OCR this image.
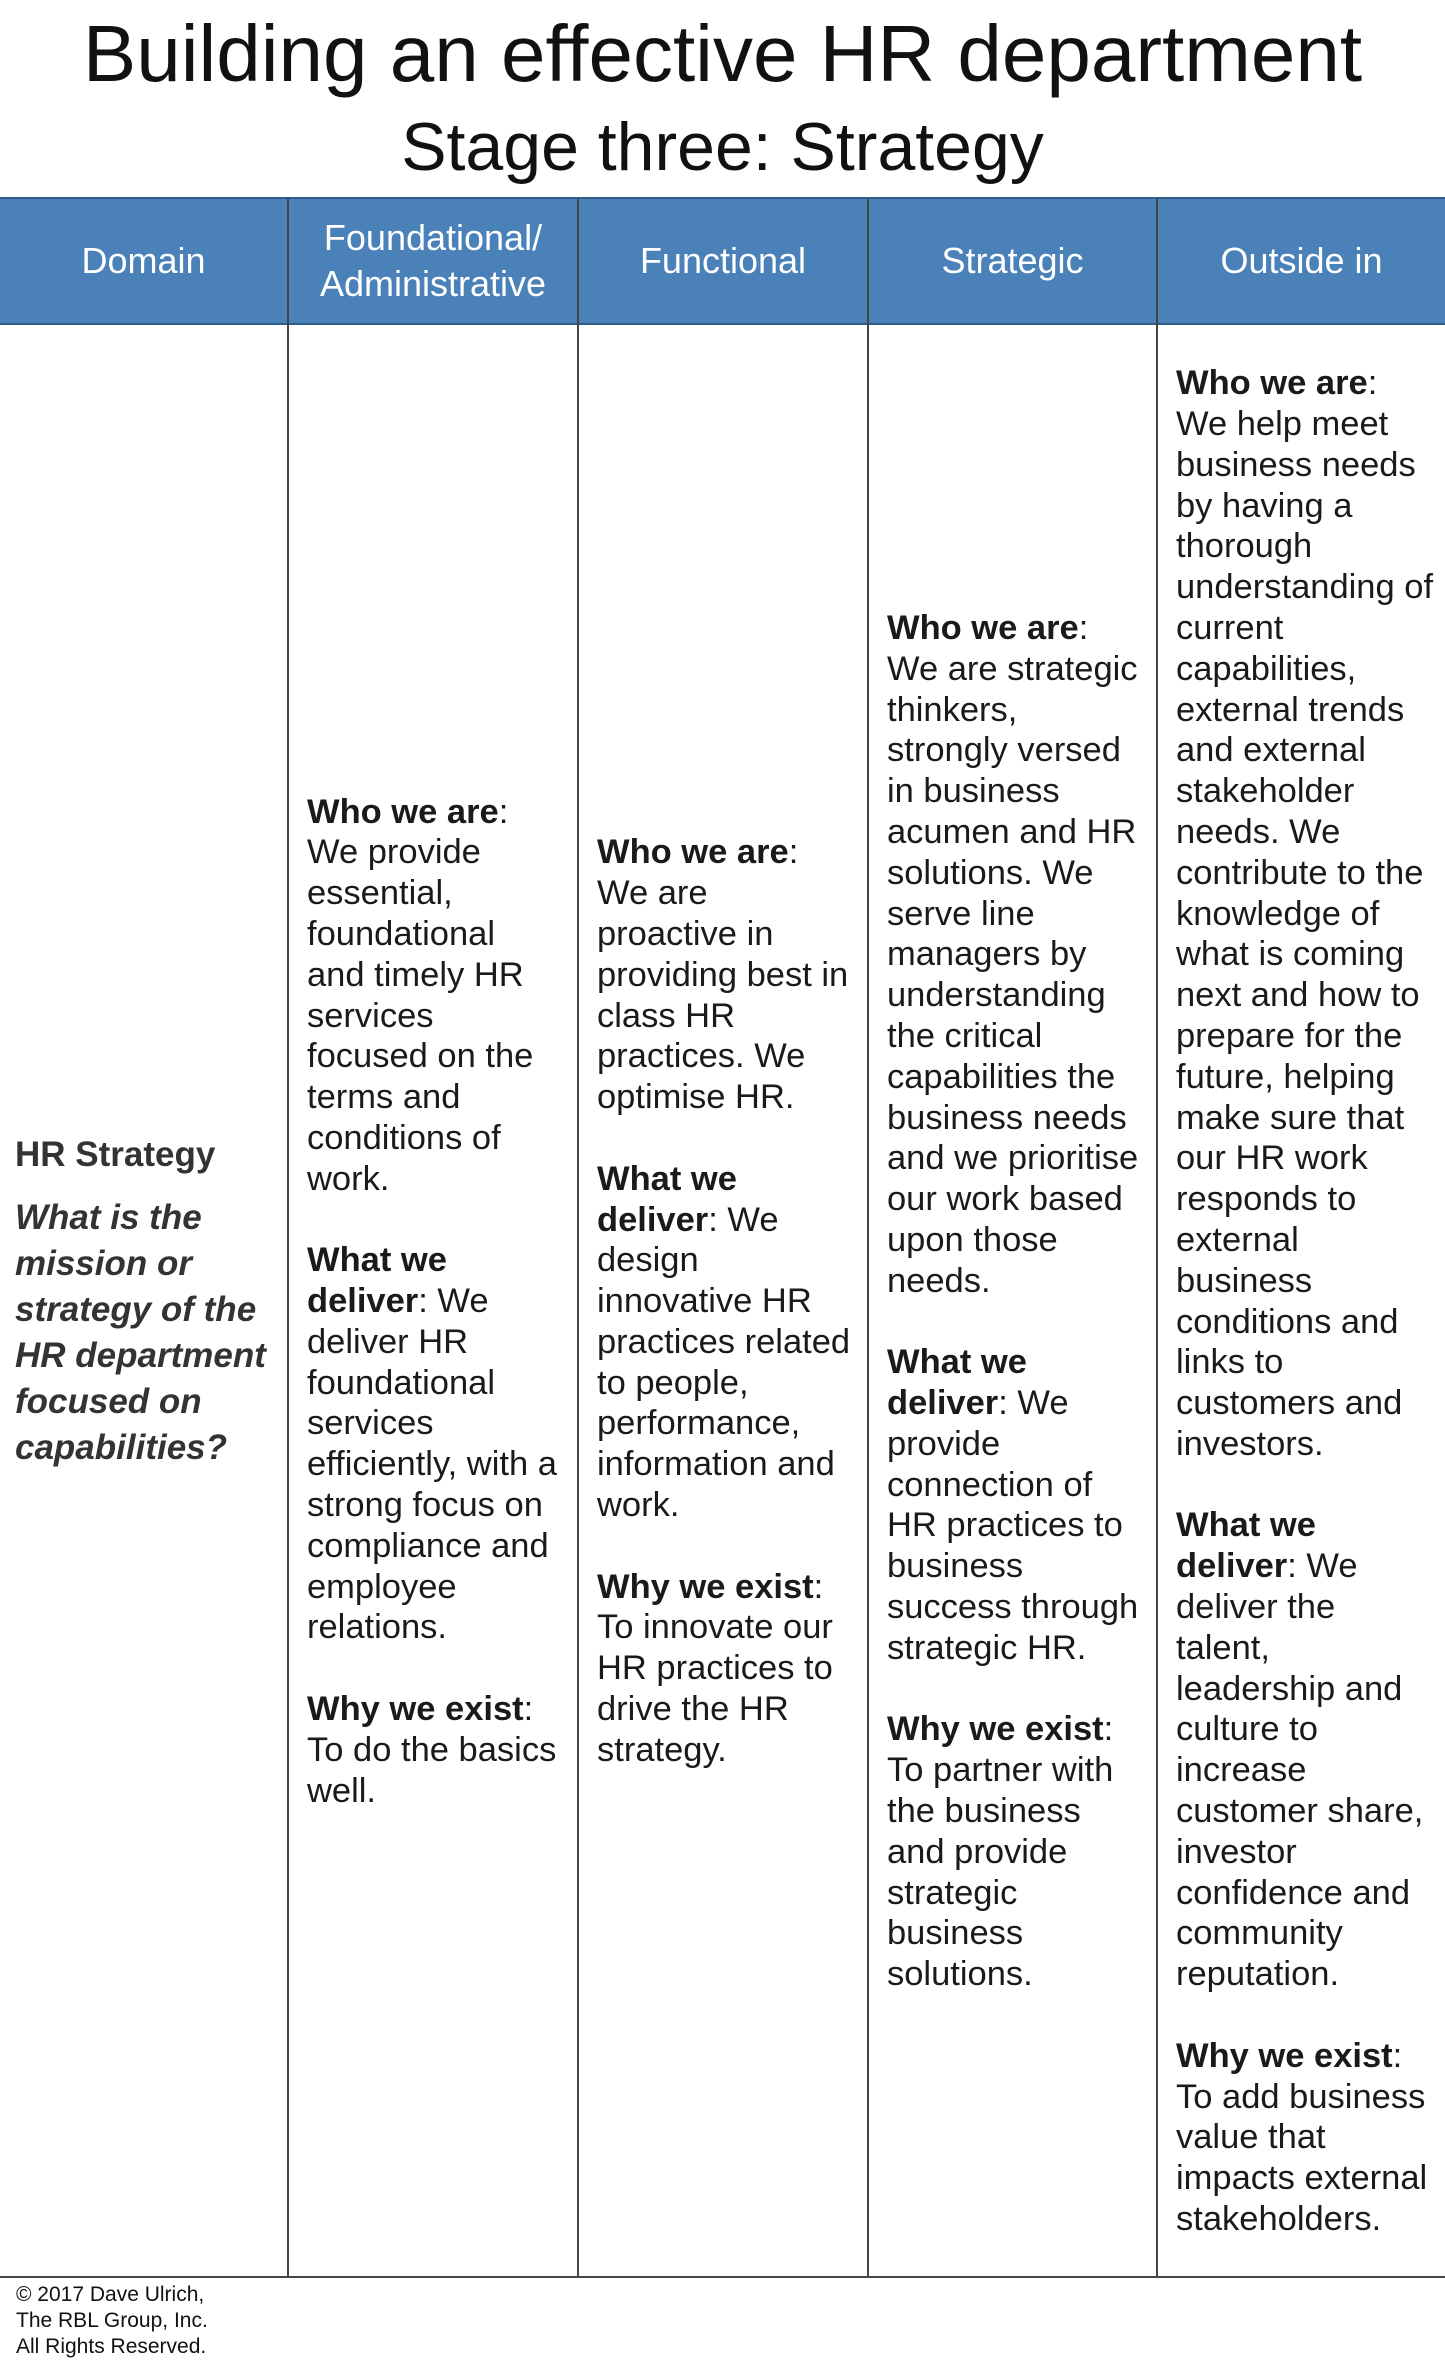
Building an effective HR department
Stage three: Strategy
Domain
Foundational/
Administrative
Functional	Strategic	Outside in

HR Strategy

What is the mission or strategy of the HR department focused on capabilities?

Who we are: We provide essential, foundational and timely HR services focused on the terms and conditions of work.

What we deliver: We deliver HR foundational services efficiently, with a strong focus on compliance and employee relations.

Why we exist: To do the basics well.

Who we are: We are proactive in providing best in class HR practices. We optimise HR.

What we deliver: We design innovative HR practices related to people, performance, information and work.

Why we exist: To innovate our HR practices to drive the HR strategy.

Who we are: We are strategic thinkers, strongly versed in business acumen and HR solutions. We serve line managers by understanding the critical capabilities the business needs and we prioritise our work based upon those needs.

What we deliver: We provide connection of HR practices to business success through strategic HR.

Why we exist: To partner with the business and provide strategic business solutions.

Who we are: We help meet business needs by having a thorough understanding of current capabilities, external trends and external stakeholder needs. We contribute to the knowledge of what is coming next and how to prepare for the future, helping make sure that our HR work responds to external business conditions and links to customers and investors.

What we deliver: We deliver the talent, leadership and culture to increase customer share, investor confidence and community reputation.

Why we exist: To add business value that impacts external stakeholders.

© 2017 Dave Ulrich,
The RBL Group, Inc.
All Rights Reserved.
